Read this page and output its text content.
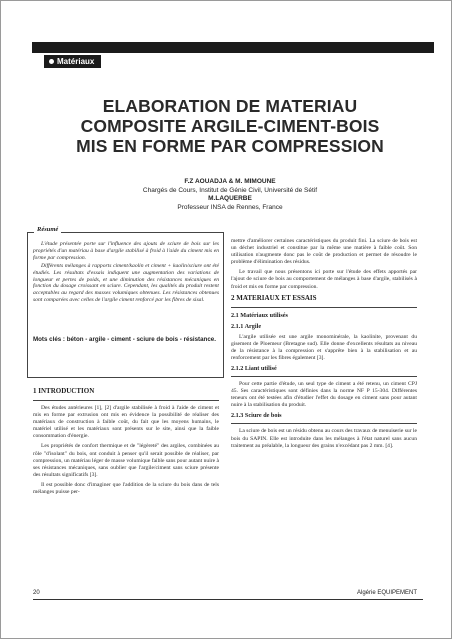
Matériaux
ELABORATION DE MATERIAU
COMPOSITE ARGILE-CIMENT-BOIS
MIS EN FORME PAR COMPRESSION
F.Z AOUADJA & M. MIMOUNE
Chargés de Cours, Institut de Génie Civil, Université de Sétif
M.LAQUERBE
Professeur INSA de Rennes, France
Résumé

L'étude présentée porte sur l'influence des ajouts de sciure de bois sur les propriétés d'un matériau à base d'argile stabilisé à froid à l'aide du ciment mis en forme par compression.

Différents mélanges à rapports ciment/kaolin et ciment + kaolin/sciure ont été étudiés. Les résultats d'essais indiquent une augmentation des variations de longueur et pertes de poids, et une diminution des résistances mécaniques en fonction du dosage croissant en sciure. Cependant, les qualités du produit restent acceptables au regard des masses volumiques obtenues. Les résistances obtenues sont comparées avec celles de l'argile ciment renforcé par les fibres de sisal.

Mots clés : béton - argile - ciment - sciure de bois - résistance.
1 INTRODUCTION

Des études antérieures [1], [2] d'argile stabilisée à froid à l'aide de ciment et mis en forme par extrusion ont mis en évidence la possibilité de réaliser des matériaux de construction à faible coût, du fait que les moyens humains, le matériel utilisé et les matériaux sont présents sur le site, ainsi que la faible consommation d'énergie.

Les propriétés de confort thermique et de "légèreté" des argiles, combinées au rôle "d'isolant" du bois, ont conduit à penser qu'il serait possible de réaliser, par compression, un matériau léger de masse volumique faible sans pour autant nuire à ses résistances mécaniques, sans oublier que l'argile/ciment sans sciure présente des résultats significatifs [3].

Il est possible donc d'imaginer que l'addition de la sciure du bois dans de tels mélanges puisse per-

mettre d'améliorer certaines caractéristiques du produit fini. La sciure de bois est un déchet industriel et constitue par la même une matière à faible coût. Son utilisation n'augmente donc pas le coût de production et permet de résoudre le problème d'élimination des résidus.

Le travail que nous présentons ici porte sur l'étude des effets apportés par l'ajout de sciure de bois au comportement de mélanges à base d'argile, stabilisés à froid et mis en forme par compression.

2 MATERIAUX ET ESSAIS
2.1 Matériaux utilisés
2.1.1 Argile

L'argile utilisée est une argile monominérale, la kaolinite, provenant du gisement de Ploemeur (Bretagne sud). Elle donne d'excellents résultats au niveau de la résistance à la compression et s'apprête bien à la stabilisation et au renforcement par les fibres également [3].

2.1.2 Liant utilisé

Pour cette partie d'étude, un seul type de ciment a été retenu, un ciment CPJ 45. Ses caractéristiques sont définies dans la norme NF P 15-304. Différentes teneurs ont été testées afin d'étudier l'effet du dosage en ciment sans pour autant nuire à la stabilisation du produit.

2.1.3 Sciure de bois

La sciure de bois est un résidu obtenu au cours des travaux de menuiserie sur le bois du SAPIN. Elle est introduite dans les mélanges à l'état naturel sans aucun traitement au préalable, la longueur des grains n'excédant pas 2 mm. [4].

20	Algérie EQUIPEMENT
